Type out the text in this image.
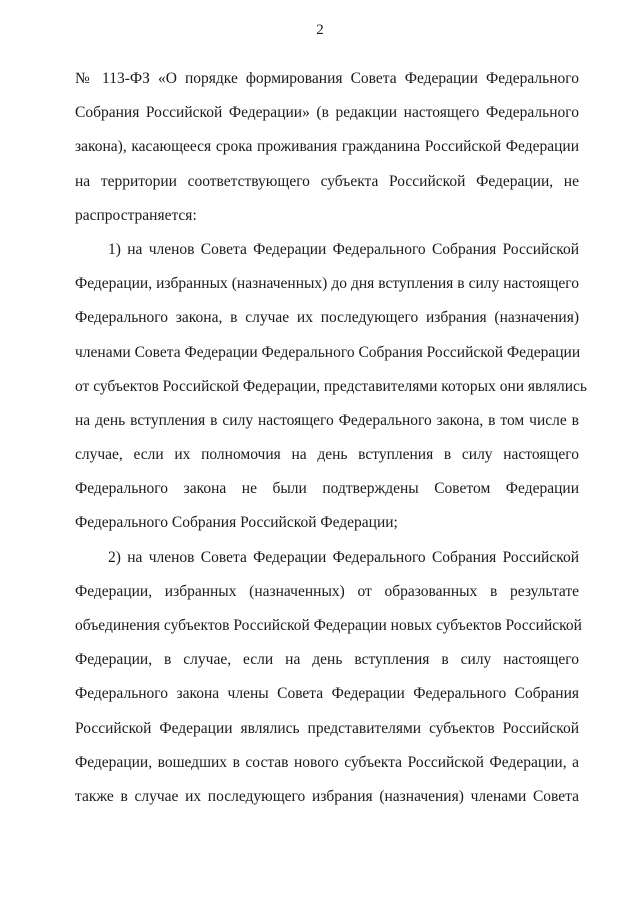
2
№ 113-ФЗ «О порядке формирования Совета Федерации Федерального
Собрания Российской Федерации» (в редакции настоящего Федерального
закона), касающееся срока проживания гражданина Российской Федерации
на территории соответствующего субъекта Российской Федерации, не
распространяется:
1) на членов Совета Федерации Федерального Собрания Российской
Федерации, избранных (назначенных) до дня вступления в силу настоящего
Федерального закона, в случае их последующего избрания (назначения)
членами Совета Федерации Федерального Собрания Российской Федерации
от субъектов Российской Федерации, представителями которых они являлись
на день вступления в силу настоящего Федерального закона, в том числе в
случае, если их полномочия на день вступления в силу настоящего
Федерального закона не были подтверждены Советом Федерации
Федерального Собрания Российской Федерации;
2) на членов Совета Федерации Федерального Собрания Российской
Федерации, избранных (назначенных) от образованных в результате
объединения субъектов Российской Федерации новых субъектов Российской
Федерации, в случае, если на день вступления в силу настоящего
Федерального закона члены Совета Федерации Федерального Собрания
Российской Федерации являлись представителями субъектов Российской
Федерации, вошедших в состав нового субъекта Российской Федерации, а
также в случае их последующего избрания (назначения) членами Совета
